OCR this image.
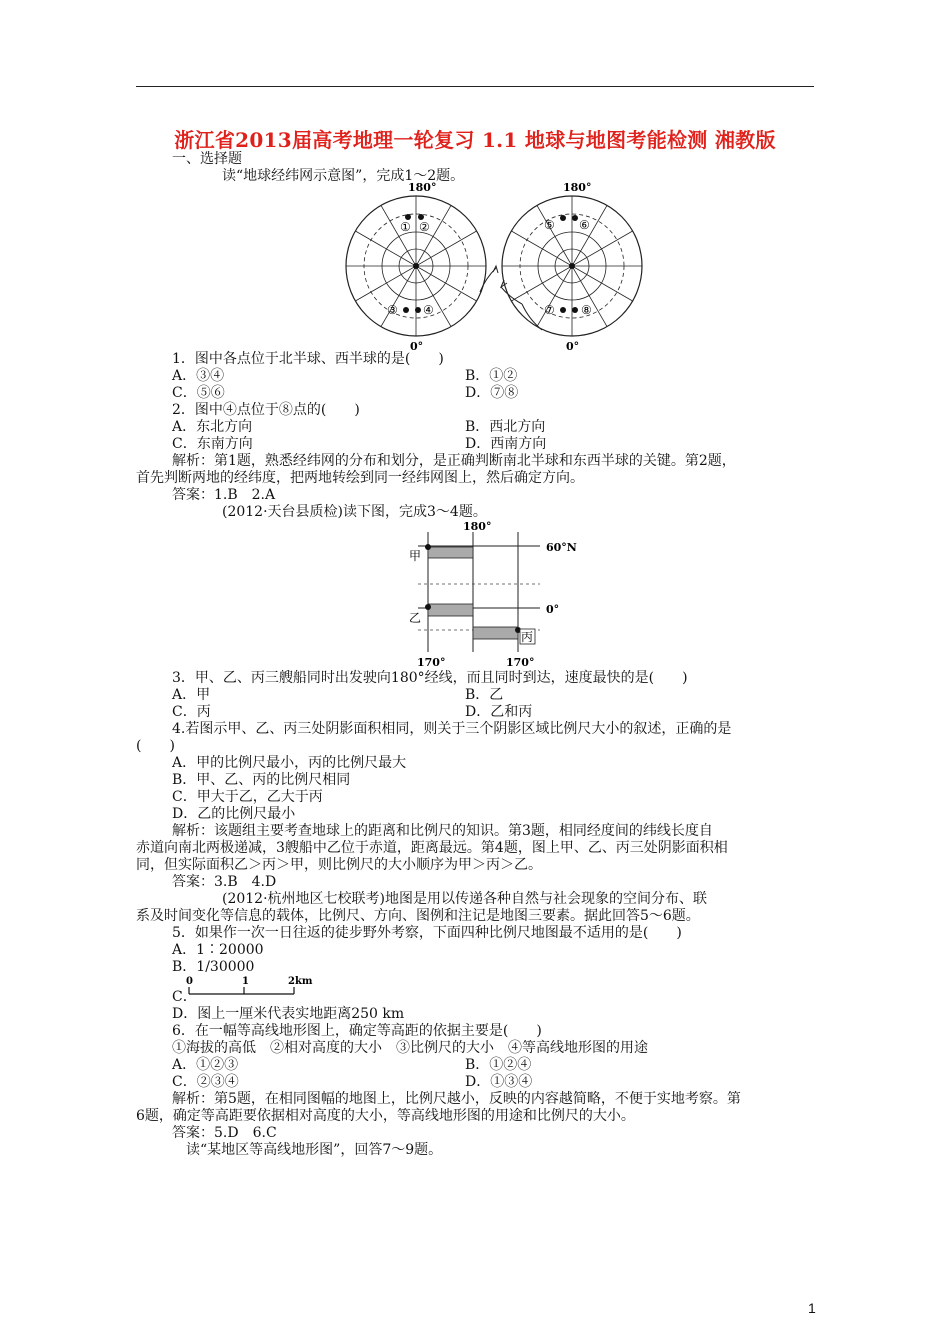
浙江省2013届高考地理一轮复习 1.1 地球与地图考能检测 湘教版
一、选择题
读“地球经纬网示意图”，完成1～2题。
180°
0°
① ②
③ ④
180°
0°
⑤ ⑥
⑦ ⑧
1．图中各点位于北半球、西半球的是(　　)
A．③④	B．①②
C．⑤⑥	D．⑦⑧
2．图中④点位于⑧点的(　　)
A．东北方向	B．西北方向
C．东南方向	D．西南方向
解析：第1题，熟悉经纬网的分布和划分，是正确判断南北半球和东西半球的关键。第2题，
首先判断两地的经纬度，把两地转绘到同一经纬网图上，然后确定方向。
答案：1.B　2.A
(2012·天台县质检)读下图，完成3～4题。
180°
60°N
0°
甲
乙
丙
170°	170°
3．甲、乙、丙三艘船同时出发驶向180°经线，而且同时到达，速度最快的是(　　)
A．甲	B．乙
C．丙	D．乙和丙
4.若图示甲、乙、丙三处阴影面积相同，则关于三个阴影区域比例尺大小的叙述，正确的是
(　　)
A．甲的比例尺最小，丙的比例尺最大
B．甲、乙、丙的比例尺相同
C．甲大于乙，乙大于丙
D．乙的比例尺最小
解析：该题组主要考查地球上的距离和比例尺的知识。第3题，相同经度间的纬线长度自
赤道向南北两极递减，3艘船中乙位于赤道，距离最远。第4题，图上甲、乙、丙三处阴影面积相
同，但实际面积乙＞丙＞甲，则比例尺的大小顺序为甲＞丙＞乙。
答案：3.B　4.D
(2012·杭州地区七校联考)地图是用以传递各种自然与社会现象的空间分布、联
系及时间变化等信息的载体，比例尺、方向、图例和注记是地图三要素。据此回答5～6题。
5．如果作一次一日往返的徒步野外考察，下面四种比例尺地图最不适用的是(　　)
A．1∶20000
B．1/30000
C．
0	1	2km
D．图上一厘米代表实地距离250 km
6．在一幅等高线地形图上，确定等高距的依据主要是(　　)
①海拔的高低　②相对高度的大小　③比例尺的大小　④等高线地形图的用途
A．①②③	B．①②④
C．②③④	D．①③④
解析：第5题，在相同图幅的地图上，比例尺越小，反映的内容越简略，不便于实地考察。第
6题，确定等高距要依据相对高度的大小，等高线地形图的用途和比例尺的大小。
答案：5.D　6.C
读“某地区等高线地形图”，回答7～9题。
1
